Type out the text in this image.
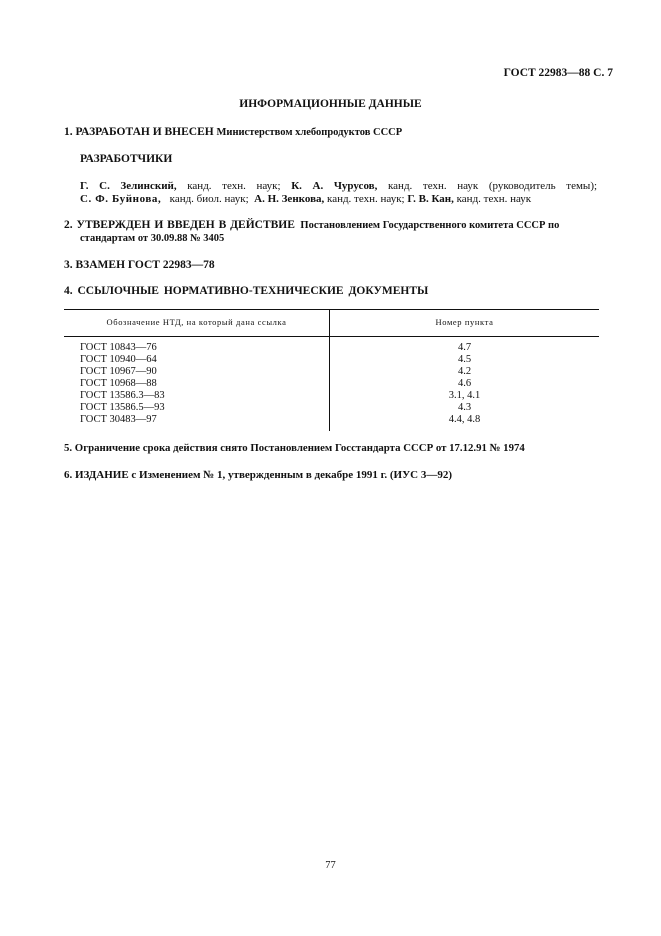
ГОСТ 22983—88 С. 7
ИНФОРМАЦИОННЫЕ ДАННЫЕ
1. РАЗРАБОТАН И ВНЕСЕН Министерством хлебопродуктов СССР
РАЗРАБОТЧИКИ
Г. С. Зелинский, канд. техн. наук; К. А. Чурусов, канд. техн. наук (руководитель темы);
С. Ф. Буйнова, канд. биол. наук; А. Н. Зенкова, канд. техн. наук; Г. В. Кан, канд. техн. наук
2. УТВЕРЖДЕН И ВВЕДЕН В ДЕЙСТВИЕ Постановлением Государственного комитета СССР по
стандартам от 30.09.88 № 3405
3. ВЗАМЕН ГОСТ 22983—78
4. ССЫЛОЧНЫЕ НОРМАТИВНО-ТЕХНИЧЕСКИЕ ДОКУМЕНТЫ
Обозначение НТД, на который дана ссылка	Номер пункта
ГОСТ 10843—76	4.7
ГОСТ 10940—64	4.5
ГОСТ 10967—90	4.2
ГОСТ 10968—88	4.6
ГОСТ 13586.3—83	3.1, 4.1
ГОСТ 13586.5—93	4.3
ГОСТ 30483—97	4.4, 4.8
5. Ограничение срока действия снято Постановлением Госстандарта СССР от 17.12.91 № 1974
6. ИЗДАНИЕ с Изменением № 1, утвержденным в декабре 1991 г. (ИУС 3—92)
77
